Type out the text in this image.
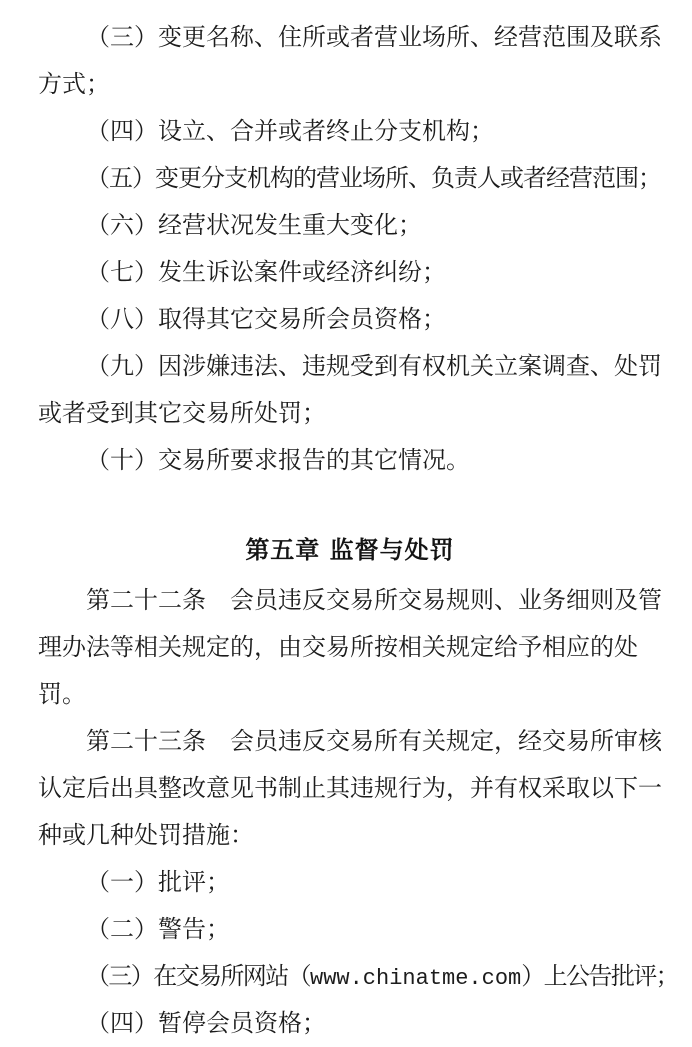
（三）变更名称、住所或者营业场所、经营范围及联系
方式；
（四）设立、合并或者终止分支机构；
（五）变更分支机构的营业场所、负责人或者经营范围；
（六）经营状况发生重大变化；
（七）发生诉讼案件或经济纠纷；
（八）取得其它交易所会员资格；
（九）因涉嫌违法、违规受到有权机关立案调查、处罚
或者受到其它交易所处罚；
（十）交易所要求报告的其它情况。
第五章 监督与处罚
第二十二条　会员违反交易所交易规则、业务细则及管
理办法等相关规定的，由交易所按相关规定给予相应的处
罚。
第二十三条　会员违反交易所有关规定，经交易所审核
认定后出具整改意见书制止其违规行为，并有权采取以下一
种或几种处罚措施：
（一）批评；
（二）警告；
（三）在交易所网站（www.chinatme.com）上公告批评；
（四）暂停会员资格；
